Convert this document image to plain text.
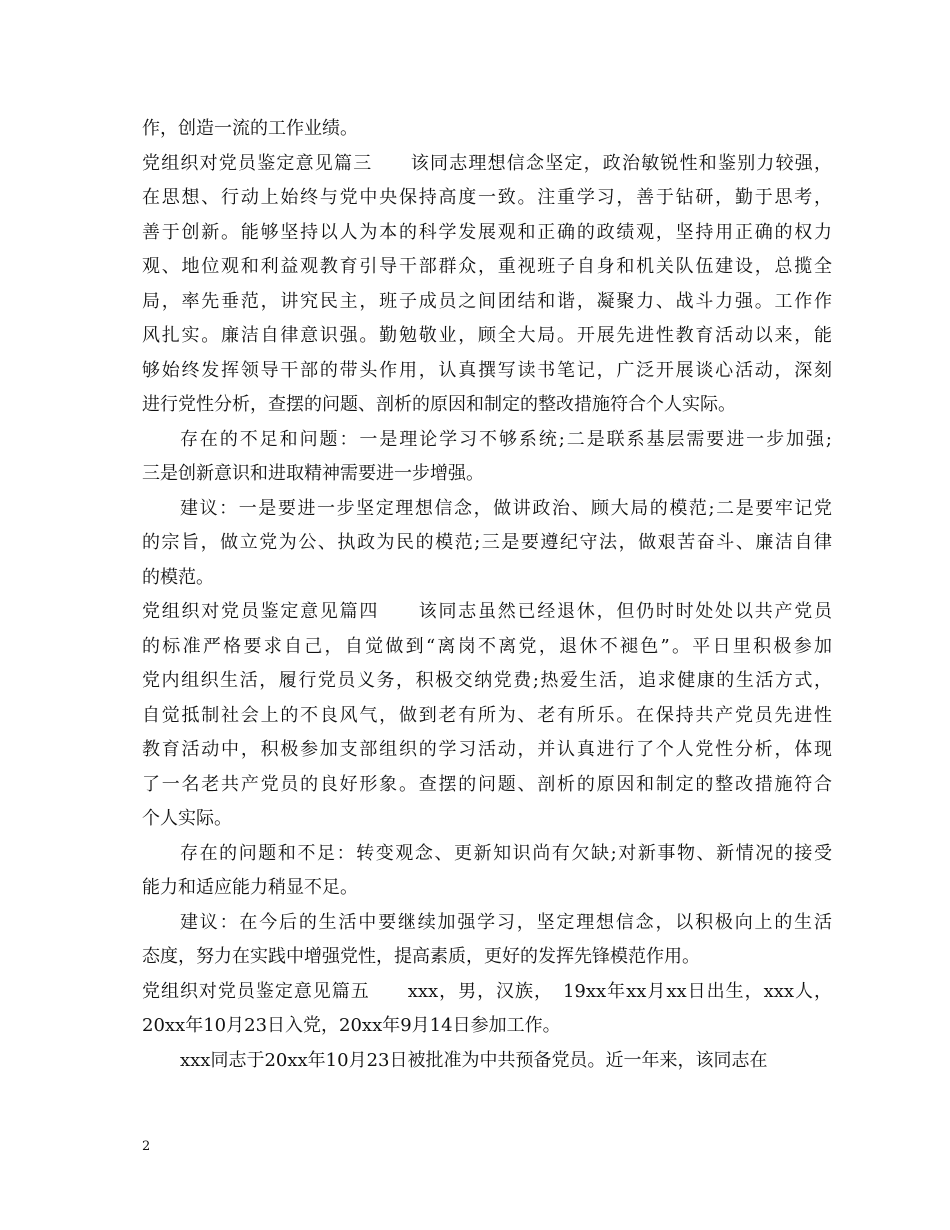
作，创造一流的工作业绩。
党组织对党员鉴定意见篇三　　该同志理想信念坚定，政治敏锐性和鉴别力较强，
在思想、行动上始终与党中央保持高度一致。注重学习，善于钻研，勤于思考，
善于创新。能够坚持以人为本的科学发展观和正确的政绩观，坚持用正确的权力
观、地位观和利益观教育引导干部群众，重视班子自身和机关队伍建设，总揽全
局，率先垂范，讲究民主，班子成员之间团结和谐，凝聚力、战斗力强。工作作
风扎实。廉洁自律意识强。勤勉敬业，顾全大局。开展先进性教育活动以来，能
够始终发挥领导干部的带头作用，认真撰写读书笔记，广泛开展谈心活动，深刻
进行党性分析，查摆的问题、剖析的原因和制定的整改措施符合个人实际。
存在的不足和问题：一是理论学习不够系统;二是联系基层需要进一步加强;
三是创新意识和进取精神需要进一步增强。
建议：一是要进一步坚定理想信念，做讲政治、顾大局的模范;二是要牢记党
的宗旨，做立党为公、执政为民的模范;三是要遵纪守法，做艰苦奋斗、廉洁自律
的模范。
党组织对党员鉴定意见篇四　　该同志虽然已经退休，但仍时时处处以共产党员
的标准严格要求自己，自觉做到“离岗不离党，退休不褪色”。平日里积极参加
党内组织生活，履行党员义务，积极交纳党费;热爱生活，追求健康的生活方式，
自觉抵制社会上的不良风气，做到老有所为、老有所乐。在保持共产党员先进性
教育活动中，积极参加支部组织的学习活动，并认真进行了个人党性分析，体现
了一名老共产党员的良好形象。查摆的问题、剖析的原因和制定的整改措施符合
个人实际。
存在的问题和不足：转变观念、更新知识尚有欠缺;对新事物、新情况的接受
能力和适应能力稍显不足。
建议：在今后的生活中要继续加强学习，坚定理想信念，以积极向上的生活
态度，努力在实践中增强党性，提高素质，更好的发挥先锋模范作用。
党组织对党员鉴定意见篇五　　xxx，男，汉族，　19xx年xx月xx日出生，xxx人，
20xx年10月23日入党，20xx年9月14日参加工作。
xxx同志于20xx年10月23日被批准为中共预备党员。近一年来，该同志在
2
